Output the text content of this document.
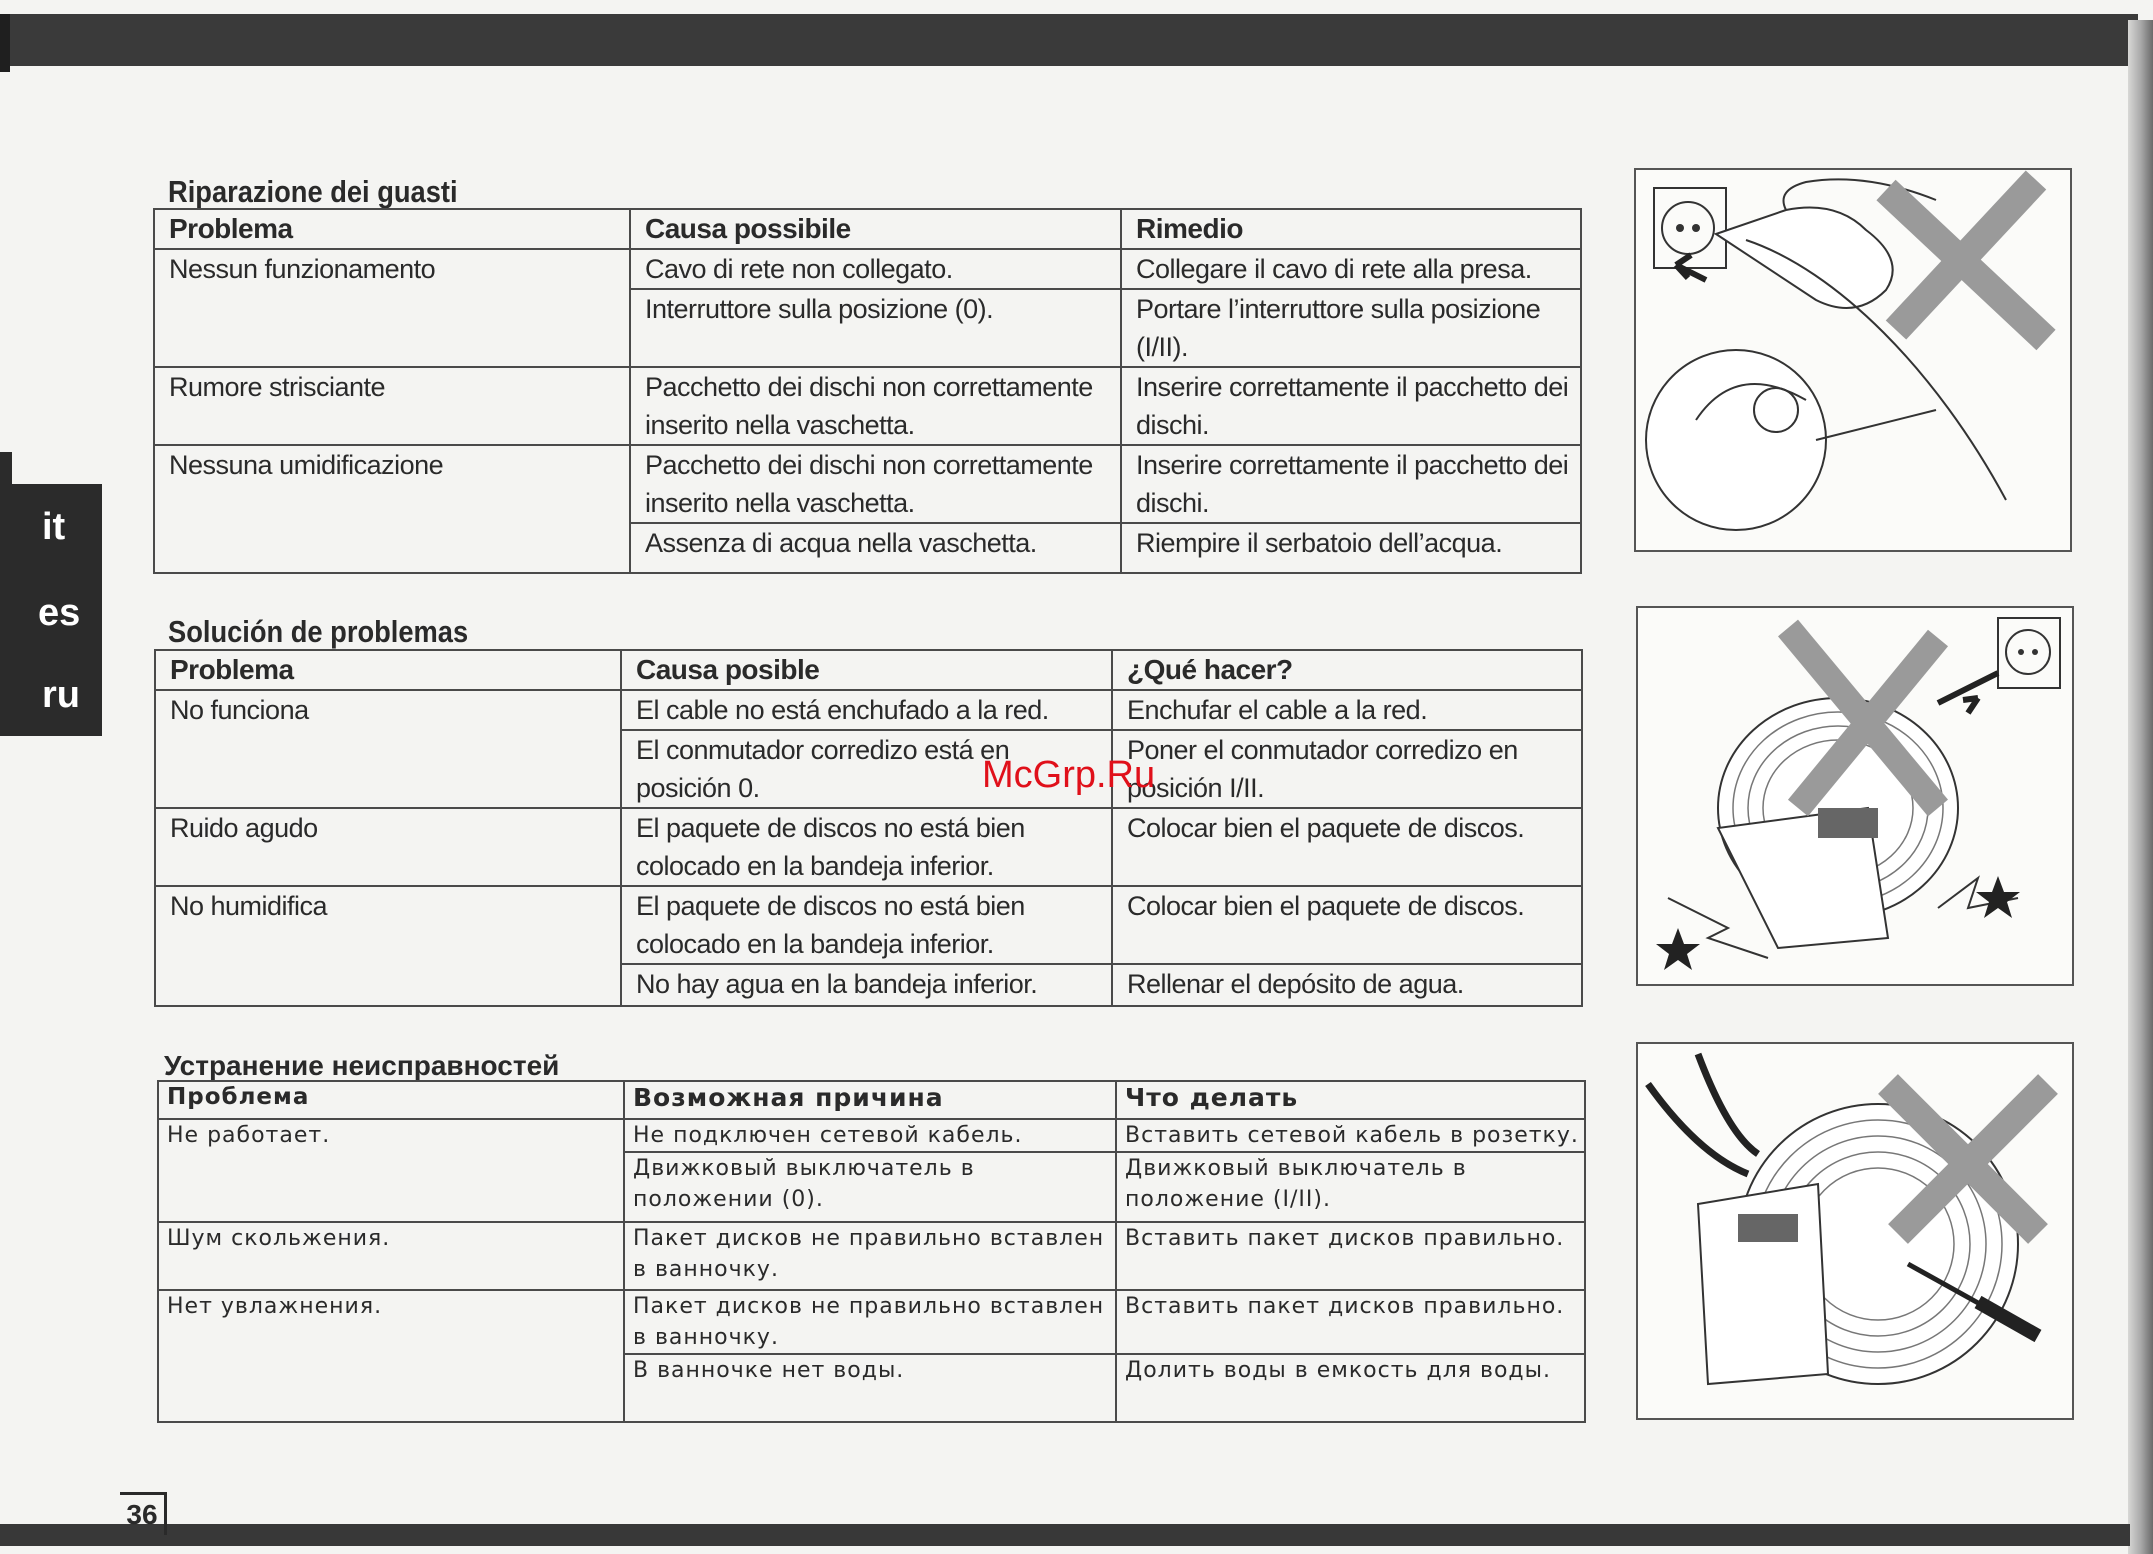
it
es
ru
Riparazione dei guasti
Problema	Causa possibile	Rimedio
Nessun funzionamento	Cavo di rete non collegato.	Collegare il cavo di rete alla presa.
	Interruttore sulla posizione (0).	Portare l’interruttore sulla posizione (I/II).
Rumore strisciante	Pacchetto dei dischi non correttamente inserito nella vaschetta.	Inserire correttamente il pacchetto dei dischi.
Nessuna umidificazione	Pacchetto dei dischi non correttamente inserito nella vaschetta.	Inserire correttamente il pacchetto dei dischi.
	Assenza di acqua nella vaschetta.	Riempire il serbatoio dell’acqua.
Solución de problemas
Problema	Causa posible	¿Qué hacer?
No funciona	El cable no está enchufado a la red.	Enchufar el cable a la red.
	El conmutador corredizo está en posición 0.	Poner el conmutador corredizo en posición I/II.
Ruido agudo	El paquete de discos no está bien colocado en la bandeja inferior.	Colocar bien el paquete de discos.
No humidifica	El paquete de discos no está bien colocado en la bandeja inferior.	Colocar bien el paquete de discos.
	No hay agua en la bandeja inferior.	Rellenar el depósito de agua.
Устранение неисправностей
Проблема	Возможная причина	Что делать
Не работает.	Не подключен сетевой кабель.	Вставить сетевой кабель в розетку.
	Движковый выключатель в положении (0).	Движковый выключатель в положение (I/II).
Шум скольжения.	Пакет дисков не правильно вставлен в ванночку.	Вставить пакет дисков правильно.
Нет увлажнения.	Пакет дисков не правильно вставлен в ванночку.	Вставить пакет дисков правильно.
	В ванночке нет воды.	Долить воды в емкость для воды.
McGrp.Ru
36
